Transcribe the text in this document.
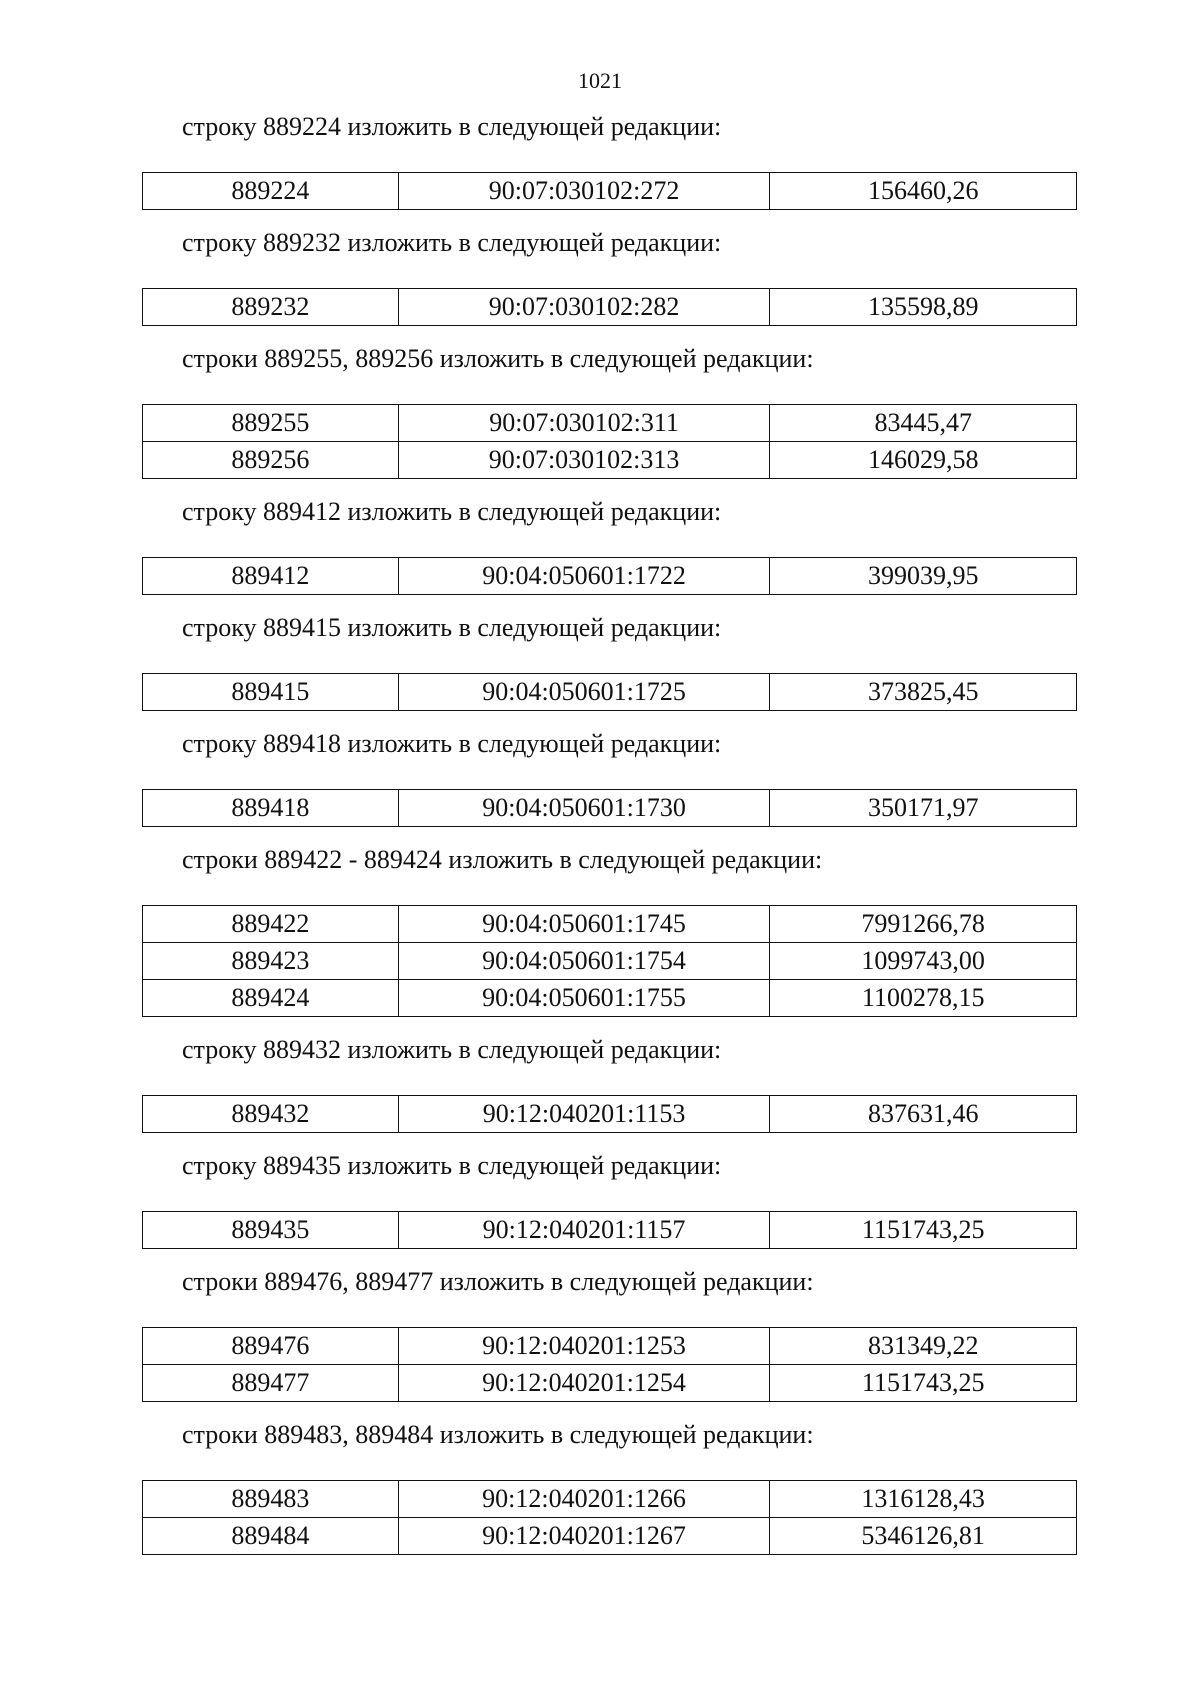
1021
строку 889224 изложить в следующей редакции:
889224	90:07:030102:272	156460,26
строку 889232 изложить в следующей редакции:
889232	90:07:030102:282	135598,89
строки 889255, 889256 изложить в следующей редакции:
889255	90:07:030102:311	83445,47
889256	90:07:030102:313	146029,58
строку 889412 изложить в следующей редакции:
889412	90:04:050601:1722	399039,95
строку 889415 изложить в следующей редакции:
889415	90:04:050601:1725	373825,45
строку 889418 изложить в следующей редакции:
889418	90:04:050601:1730	350171,97
строки 889422 - 889424 изложить в следующей редакции:
889422	90:04:050601:1745	7991266,78
889423	90:04:050601:1754	1099743,00
889424	90:04:050601:1755	1100278,15
строку 889432 изложить в следующей редакции:
889432	90:12:040201:1153	837631,46
строку 889435 изложить в следующей редакции:
889435	90:12:040201:1157	1151743,25
строки 889476, 889477 изложить в следующей редакции:
889476	90:12:040201:1253	831349,22
889477	90:12:040201:1254	1151743,25
строки 889483, 889484 изложить в следующей редакции:
889483	90:12:040201:1266	1316128,43
889484	90:12:040201:1267	5346126,81
